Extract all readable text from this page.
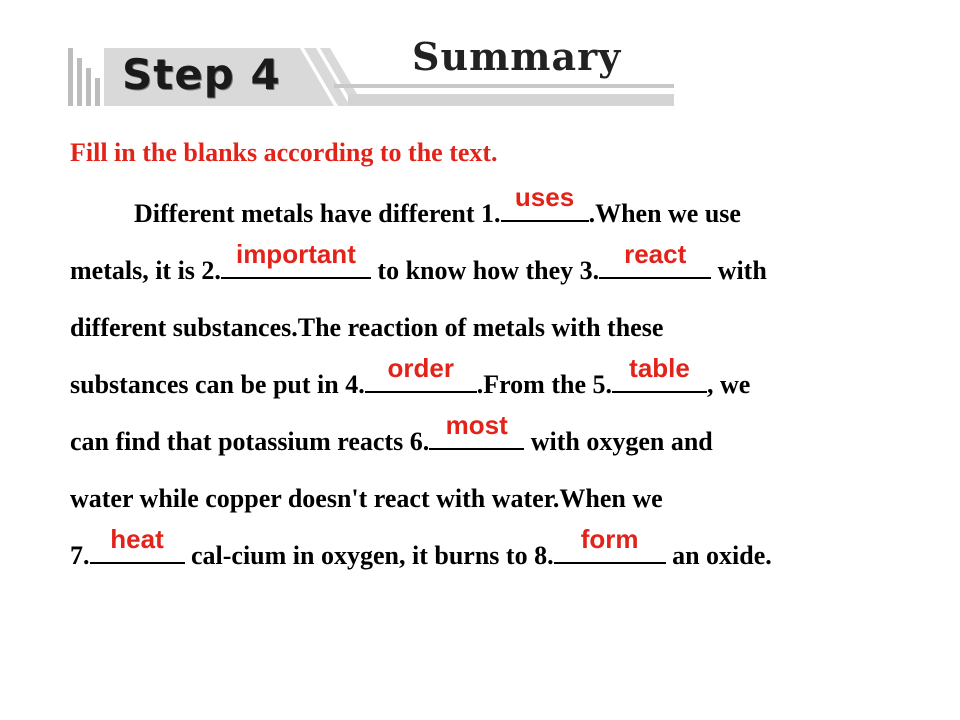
Step 4	Summary
Fill in the blanks according to the text.
Different metals have different 1.
uses
.When we use
metals, it is 2.
important
to know how they 3.
react
with
different substances.The reaction of metals with these
substances can be put in 4.
order
.From the 5.
table
, we
can find that potassium reacts 6.
most
with oxygen and
water while copper doesn't react with water.When we
7.
heat
cal-cium in oxygen, it burns to 8.
form
an oxide.
